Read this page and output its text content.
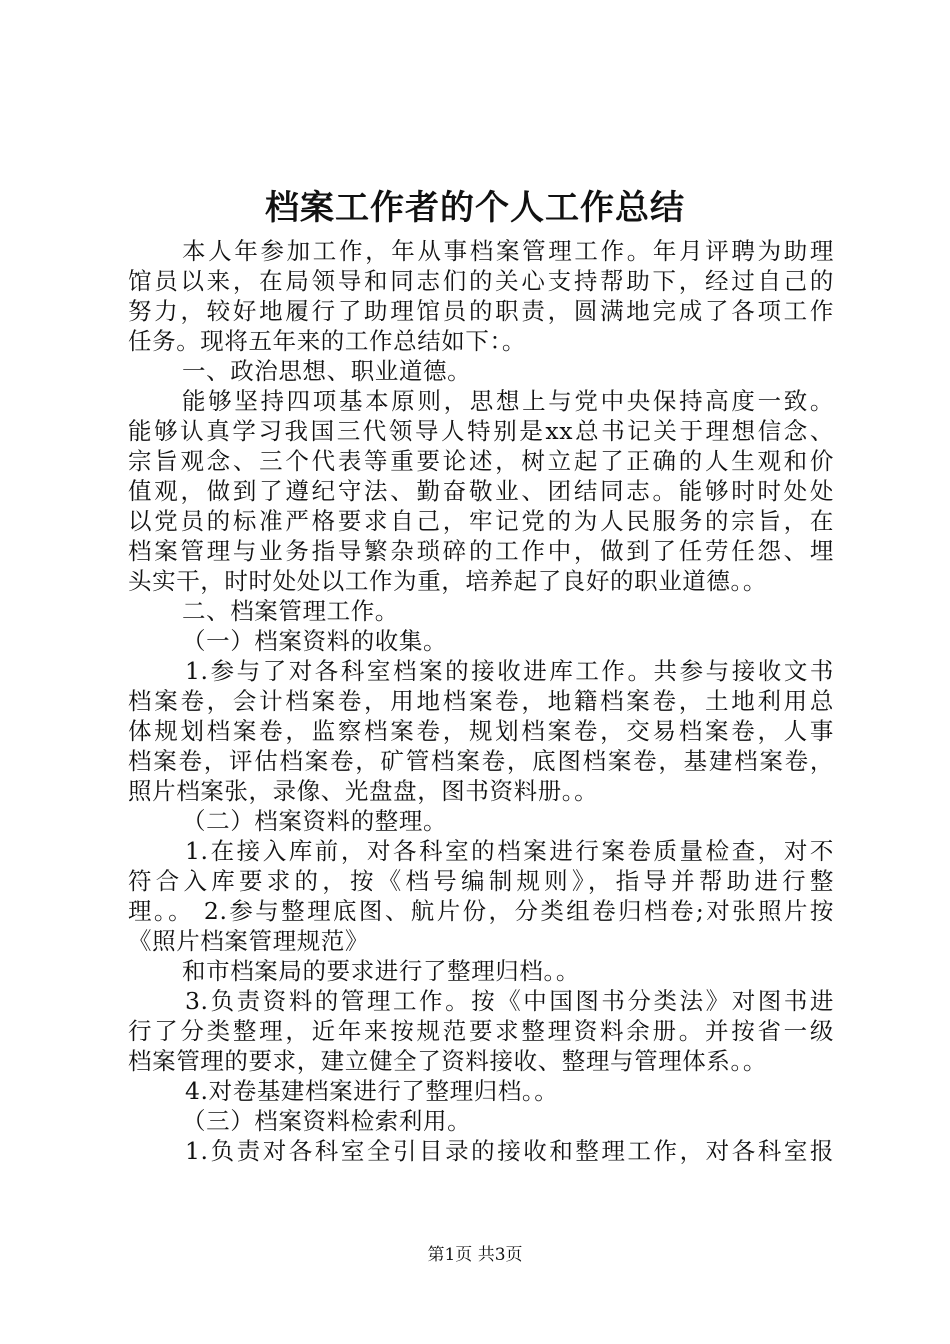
档案工作者的个人工作总结
本人年参加工作，年从事档案管理工作。年月评聘为助理
馆员以来，在局领导和同志们的关心支持帮助下，经过自己的
努力，较好地履行了助理馆员的职责，圆满地完成了各项工作
任务。现将五年来的工作总结如下：。
一、政治思想、职业道德。
能够坚持四项基本原则，思想上与党中央保持高度一致。
能够认真学习我国三代领导人特别是xx总书记关于理想信念、
宗旨观念、三个代表等重要论述，树立起了正确的人生观和价
值观，做到了遵纪守法、勤奋敬业、团结同志。能够时时处处
以党员的标准严格要求自己，牢记党的为人民服务的宗旨，在
档案管理与业务指导繁杂琐碎的工作中，做到了任劳任怨、埋
头实干，时时处处以工作为重，培养起了良好的职业道德。。
二、档案管理工作。
（一）档案资料的收集。
1.参与了对各科室档案的接收进库工作。共参与接收文书
档案卷，会计档案卷，用地档案卷，地籍档案卷，土地利用总
体规划档案卷，监察档案卷，规划档案卷，交易档案卷，人事
档案卷，评估档案卷，矿管档案卷，底图档案卷，基建档案卷，
照片档案张，录像、光盘盘，图书资料册。。
（二）档案资料的整理。
1.在接入库前，对各科室的档案进行案卷质量检查，对不
符合入库要求的，按《档号编制规则》，指导并帮助进行整
理。。 2.参与整理底图、航片份，分类组卷归档卷;对张照片按
《照片档案管理规范》
和市档案局的要求进行了整理归档。。
3.负责资料的管理工作。按《中国图书分类法》对图书进
行了分类整理，近年来按规范要求整理资料余册。并按省一级
档案管理的要求，建立健全了资料接收、整理与管理体系。。
4.对卷基建档案进行了整理归档。。
（三）档案资料检索利用。
1.负责对各科室全引目录的接收和整理工作，对各科室报
第1页 共3页
